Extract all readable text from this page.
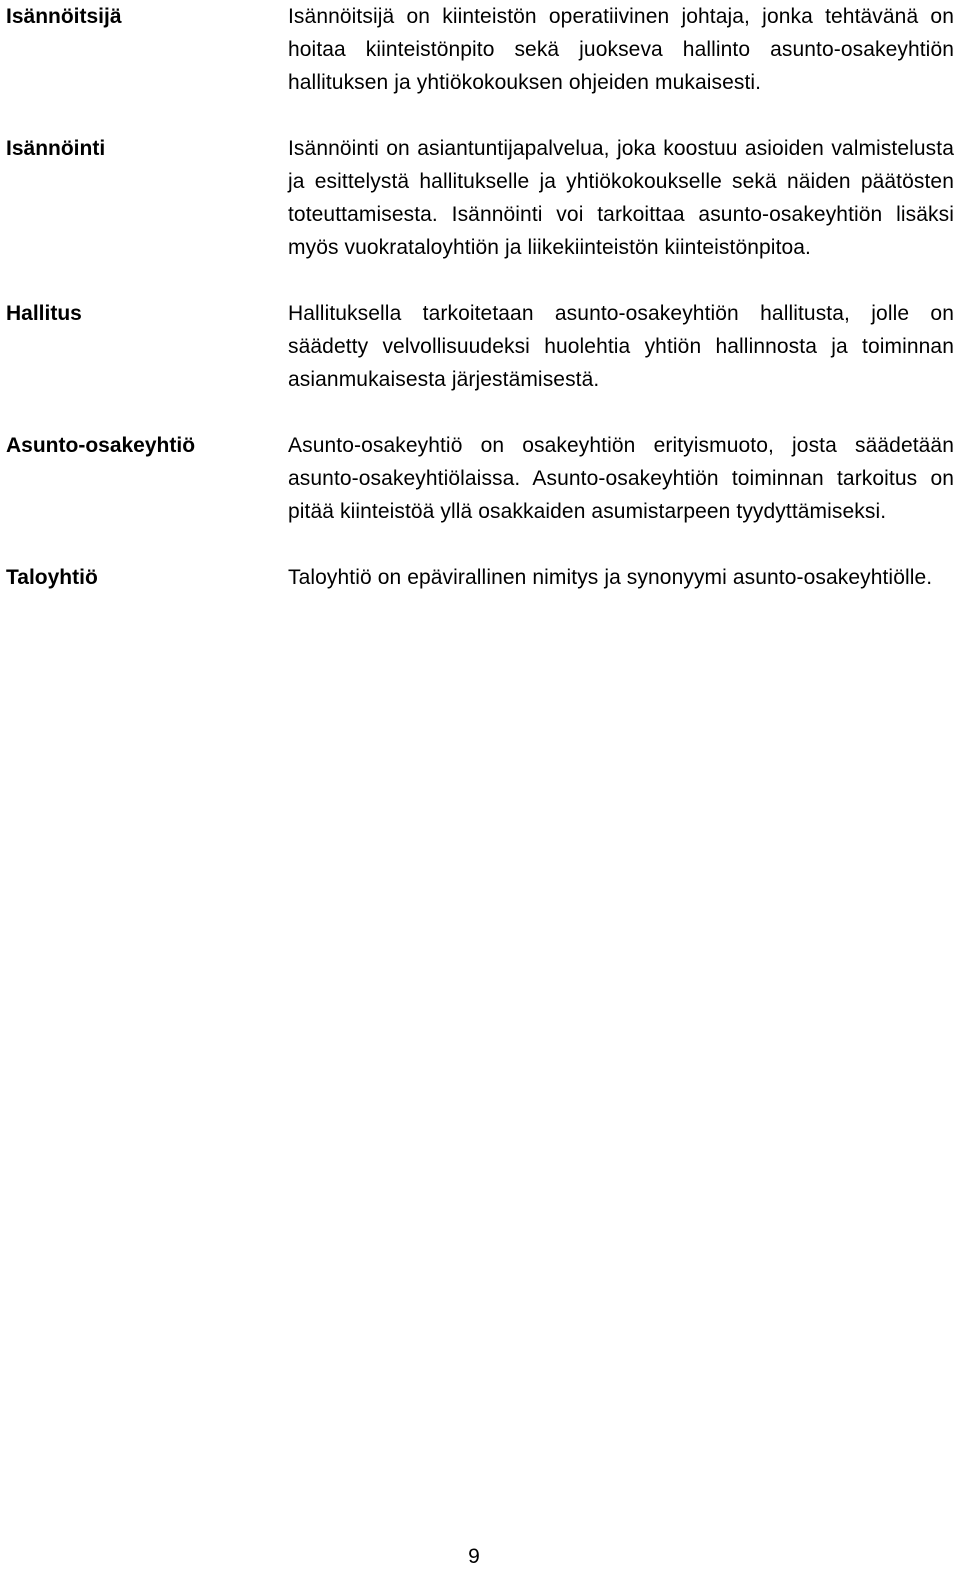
Isännöitsijä	Isännöitsijä on kiinteistön operatiivinen johtaja, jonka tehtävänä on hoitaa kiinteistönpito sekä juokseva hallinto asunto-osakeyhtiön hallituksen ja yhtiökokouksen ohjeiden mukaisesti.

Isännöinti	Isännöinti on asiantuntijapalvelua, joka koostuu asioiden valmistelusta ja esittelystä hallitukselle ja yhtiökokoukselle sekä näiden päätösten toteuttamisesta. Isännöinti voi tarkoittaa asunto-osakeyhtiön lisäksi myös vuokrataloyhtiön ja liikekiinteistön kiinteistönpitoa.

Hallitus	Hallituksella tarkoitetaan asunto-osakeyhtiön hallitusta, jolle on säädetty velvollisuudeksi huolehtia yhtiön hallinnosta ja toiminnan asianmukaisesta järjestämisestä.

Asunto-osakeyhtiö	Asunto-osakeyhtiö on osakeyhtiön erityismuoto, josta säädetään asunto-osakeyhtiölaissa. Asunto-osakeyhtiön toiminnan tarkoitus on pitää kiinteistöä yllä osakkaiden asumistarpeen tyydyttämiseksi.

Taloyhtiö	Taloyhtiö on epävirallinen nimitys ja synonyymi asunto-osakeyhtiölle.

9
